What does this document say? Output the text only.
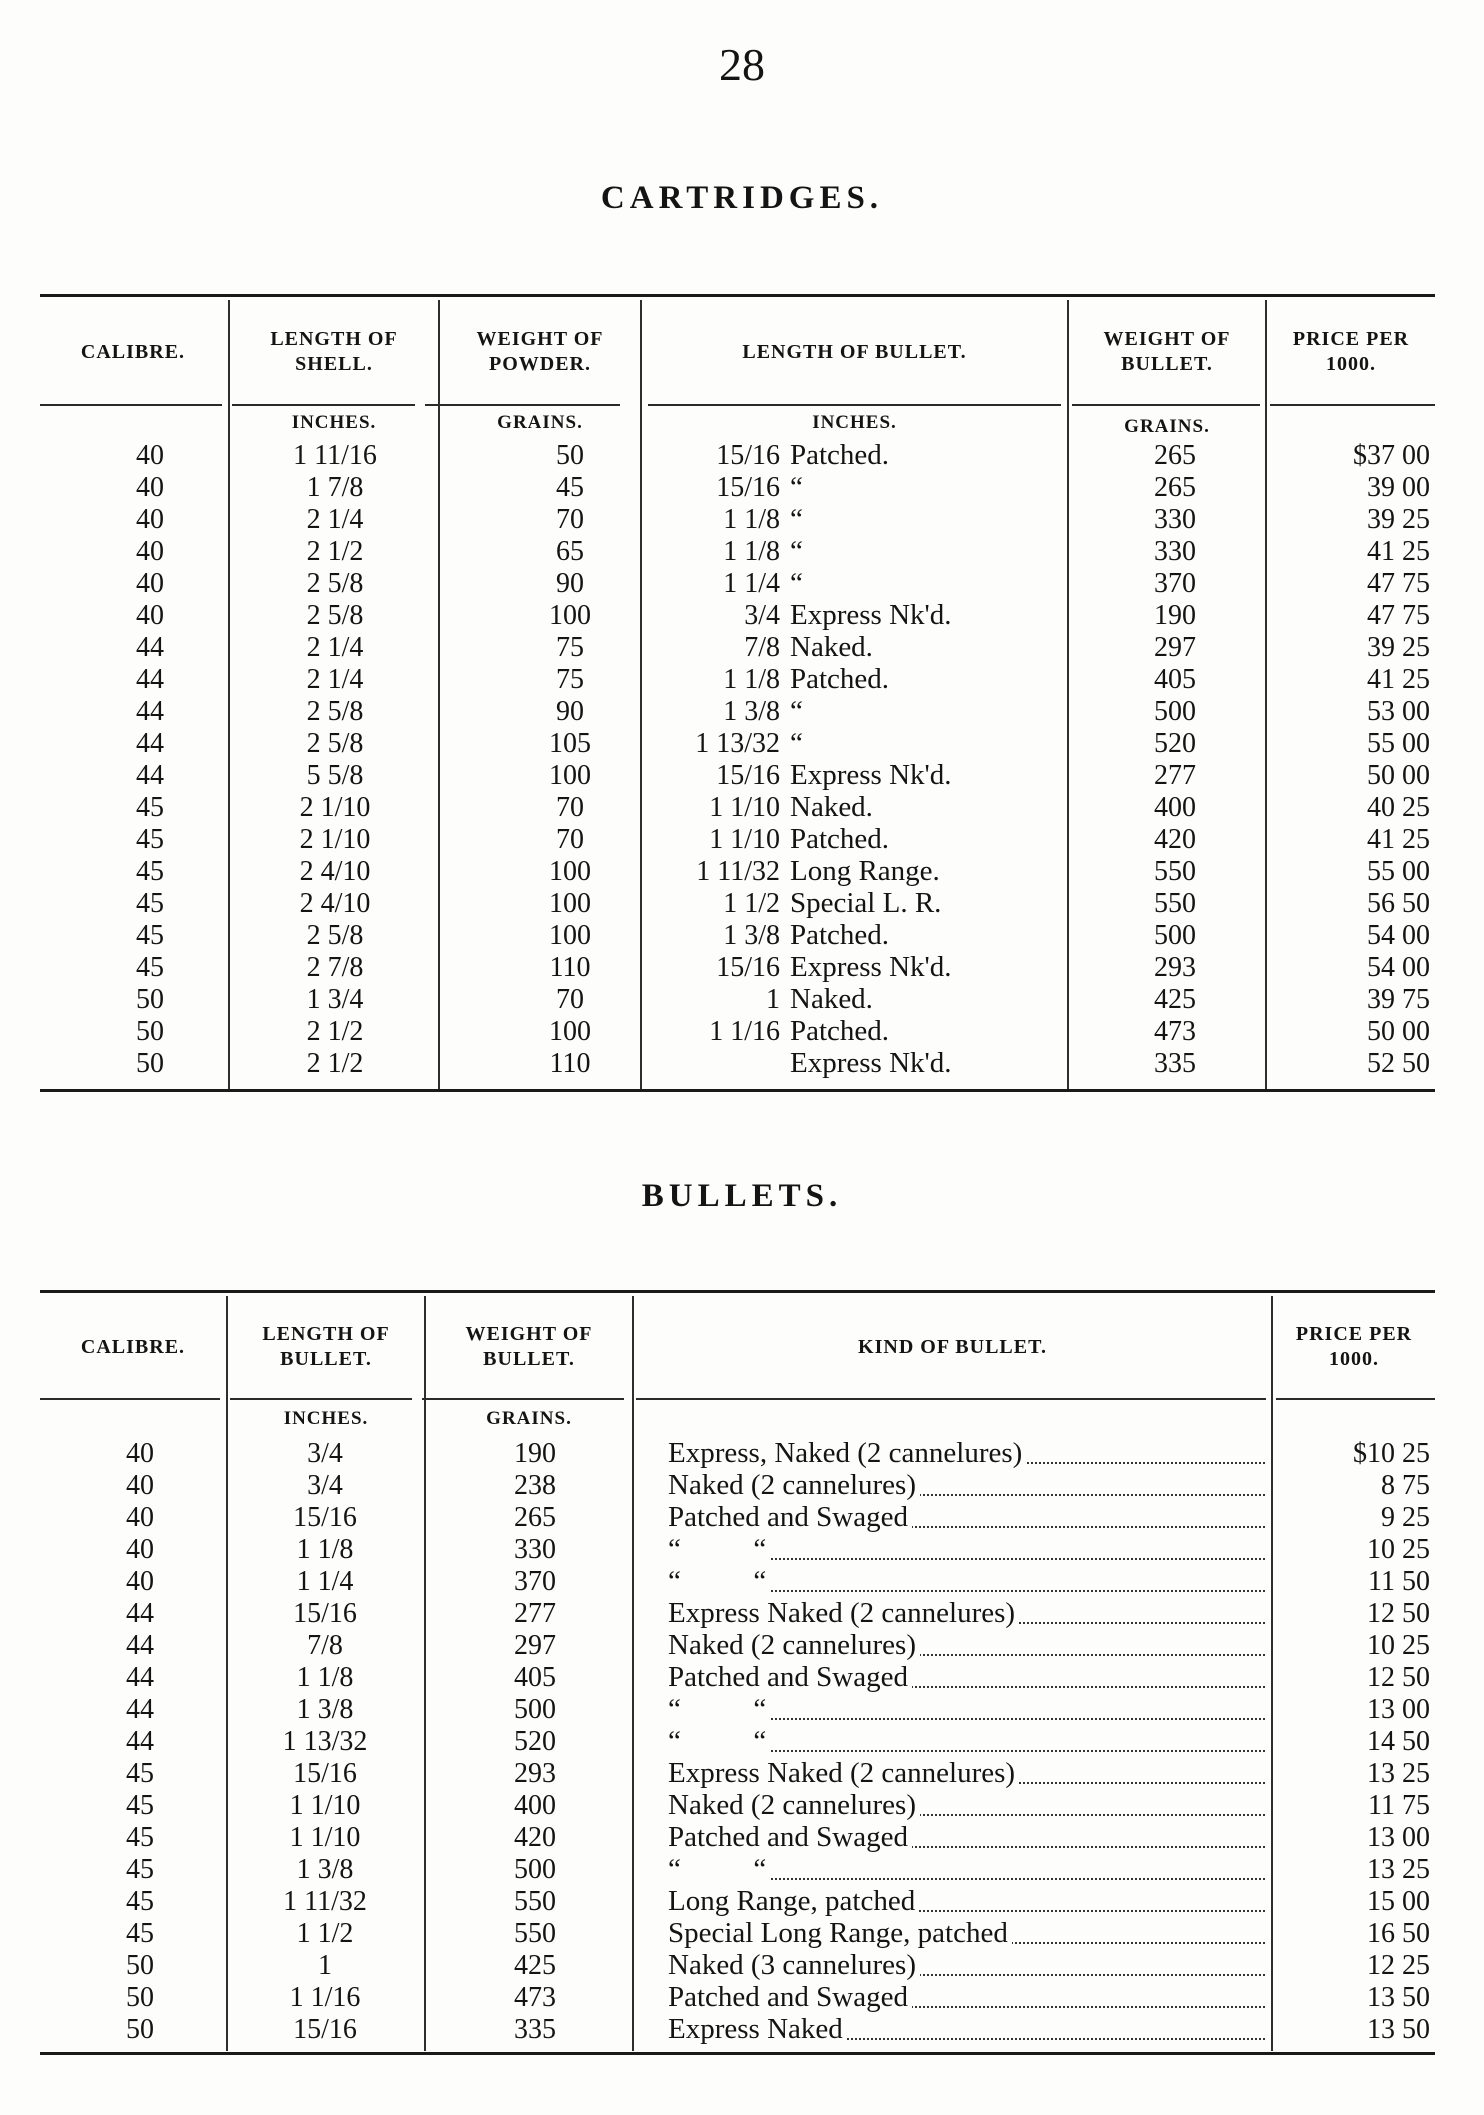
28
CARTRIDGES.
CALIBRE.
LENGTH OF
SHELL.
WEIGHT OF
POWDER.
LENGTH OF BULLET.
WEIGHT OF
BULLET.
PRICE PER
1000.
INCHES.	GRAINS.	INCHES.	GRAINS.
40	1 11/16	50	15/16 Patched.	265	$37 00
40	1 7/8	45	15/16 “	265	39 00
40	2 1/4	70	1 1/8 “	330	39 25
40	2 1/2	65	1 1/8 “	330	41 25
40	2 5/8	90	1 1/4 “	370	47 75
40	2 5/8	100	3/4 Express Nk'd.	190	47 75
44	2 1/4	75	7/8 Naked.	297	39 25
44	2 1/4	75	1 1/8 Patched.	405	41 25
44	2 5/8	90	1 3/8 “	500	53 00
44	2 5/8	105	1 13/32 “	520	55 00
44	5 5/8	100	15/16 Express Nk'd.	277	50 00
45	2 1/10	70	1 1/10 Naked.	400	40 25
45	2 1/10	70	1 1/10 Patched.	420	41 25
45	2 4/10	100	1 11/32 Long Range.	550	55 00
45	2 4/10	100	1 1/2 Special L. R.	550	56 50
45	2 5/8	100	1 3/8 Patched.	500	54 00
45	2 7/8	110	15/16 Express Nk'd.	293	54 00
50	1 3/4	70	1 Naked.	425	39 75
50	2 1/2	100	1 1/16 Patched.	473	50 00
50	2 1/2	110	Express Nk'd.	335	52 50
BULLETS.
CALIBRE.
LENGTH OF
BULLET.
WEIGHT OF
BULLET.
KIND OF BULLET.
PRICE PER
1000.
INCHES.	GRAINS.
40	3/4	190	Express, Naked (2 cannelures)	$10 25
40	3/4	238	Naked (2 cannelures)	8 75
40	15/16	265	Patched and Swaged	9 25
40	1 1/8	330	“          “	10 25
40	1 1/4	370	“          “	11 50
44	15/16	277	Express Naked (2 cannelures)	12 50
44	7/8	297	Naked (2 cannelures)	10 25
44	1 1/8	405	Patched and Swaged	12 50
44	1 3/8	500	“          “	13 00
44	1 13/32	520	“          “	14 50
45	15/16	293	Express Naked (2 cannelures)	13 25
45	1 1/10	400	Naked (2 cannelures)	11 75
45	1 1/10	420	Patched and Swaged	13 00
45	1 3/8	500	“          “	13 25
45	1 11/32	550	Long Range, patched	15 00
45	1 1/2	550	Special Long Range, patched	16 50
50	1	425	Naked (3 cannelures)	12 25
50	1 1/16	473	Patched and Swaged	13 50
50	15/16	335	Express Naked	13 50
